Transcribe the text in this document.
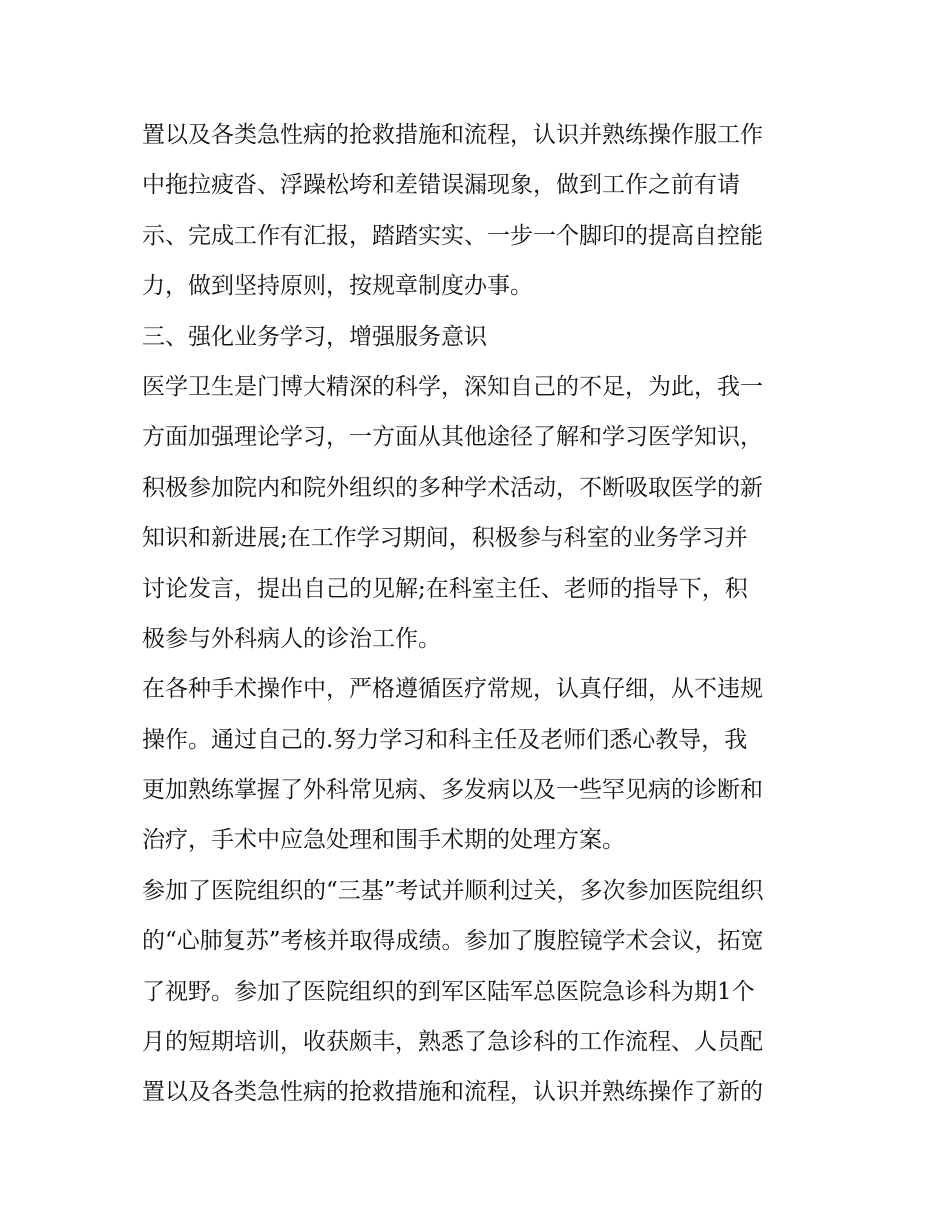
置以及各类急性病的抢救措施和流程，认识并熟练操作服工作
中拖拉疲沓、浮躁松垮和差错误漏现象，做到工作之前有请
示、完成工作有汇报，踏踏实实、一步一个脚印的提高自控能
力，做到坚持原则，按规章制度办事。
三、强化业务学习，增强服务意识
医学卫生是门博大精深的科学，深知自己的不足，为此，我一
方面加强理论学习，一方面从其他途径了解和学习医学知识，
积极参加院内和院外组织的多种学术活动，不断吸取医学的新
知识和新进展;在工作学习期间，积极参与科室的业务学习并
讨论发言，提出自己的见解;在科室主任、老师的指导下，积
极参与外科病人的诊治工作。
在各种手术操作中，严格遵循医疗常规，认真仔细，从不违规
操作。通过自己的.努力学习和科主任及老师们悉心教导，我
更加熟练掌握了外科常见病、多发病以及一些罕见病的诊断和
治疗，手术中应急处理和围手术期的处理方案。
参加了医院组织的“三基”考试并顺利过关，多次参加医院组织
的“心肺复苏”考核并取得成绩。参加了腹腔镜学术会议，拓宽
了视野。参加了医院组织的到军区陆军总医院急诊科为期1个
月的短期培训，收获颇丰，熟悉了急诊科的工作流程、人员配
置以及各类急性病的抢救措施和流程，认识并熟练操作了新的
